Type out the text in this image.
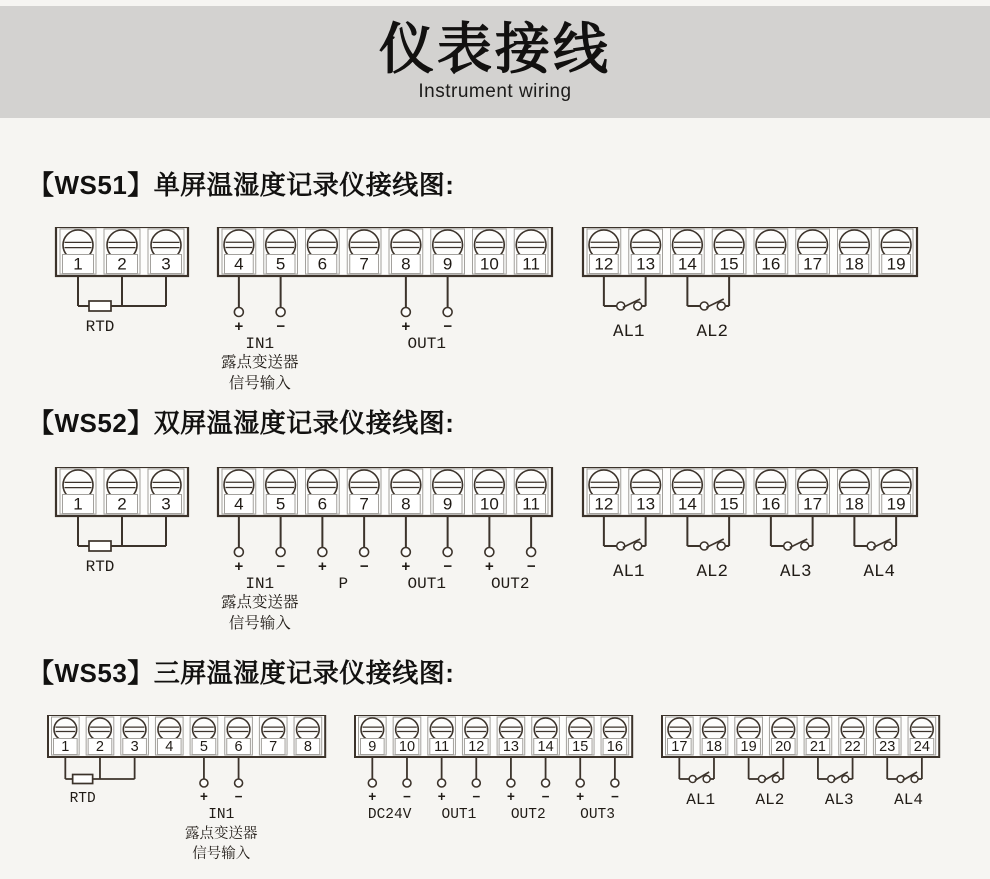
仪表接线
Instrument wiring
【WS51】单屏温湿度记录仪接线图:
【WS52】双屏温湿度记录仪接线图:
【WS53】三屏温湿度记录仪接线图:
1 2 3
RTD
4 5 6 7 8 9 10 11
+ −
IN1
露点变送器
信号输入
+ −
OUT1
12 13 14 15 16 17 18 19
AL1	AL2
1 2 3
RTD
4 5 6 7 8 9 10 11
+ −
IN1
露点变送器
信号输入
+ −
P
+ −
OUT1
+ −
OUT2
12 13 14 15 16 17 18 19
AL1	AL2	AL3	AL4
1 2 3 4 5 6 7 8
RTD	+ −
IN1
露点变送器
信号输入
9 10 11 12 13 14 15 16
+ −
DC24V
+ −
OUT1
+ −
OUT2
+ −
OUT3
17 18 19 20 21 22 23 24
AL1	AL2	AL3	AL4
